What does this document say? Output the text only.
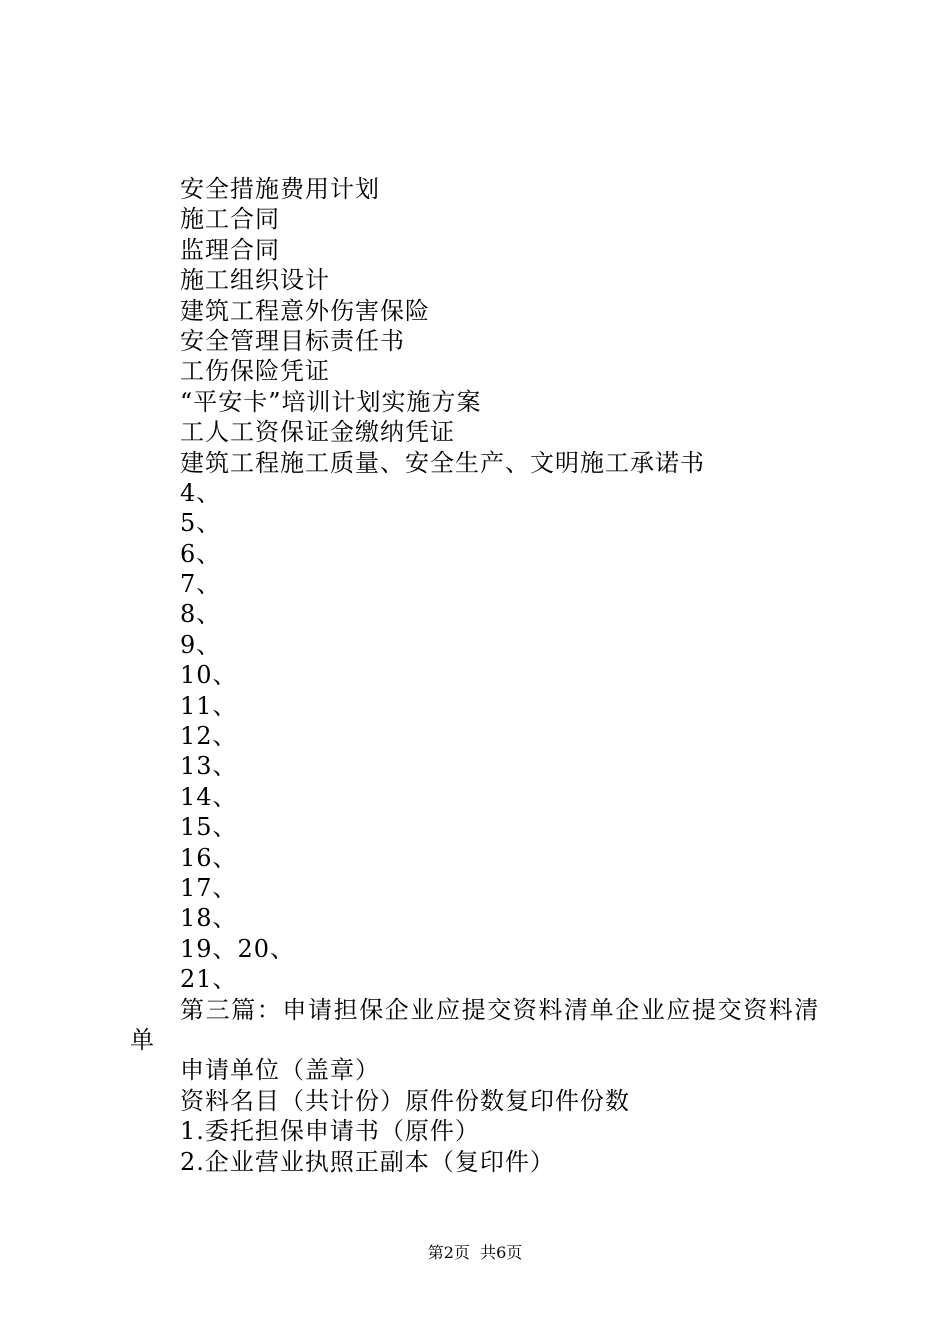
安全措施费用计划
施工合同
监理合同
施工组织设计
建筑工程意外伤害保险
安全管理目标责任书
工伤保险凭证
“平安卡”培训计划实施方案
工人工资保证金缴纳凭证
建筑工程施工质量、安全生产、文明施工承诺书
4、
5、
6、
7、
8、
9、
10、
11、
12、
13、
14、
15、
16、
17、
18、
19、20、
21、
第三篇：申请担保企业应提交资料清单企业应提交资料清单
申请单位（盖章）
资料名目（共计份）原件份数复印件份数
1.委托担保申请书（原件）
2.企业营业执照正副本（复印件）
第2页  共6页
